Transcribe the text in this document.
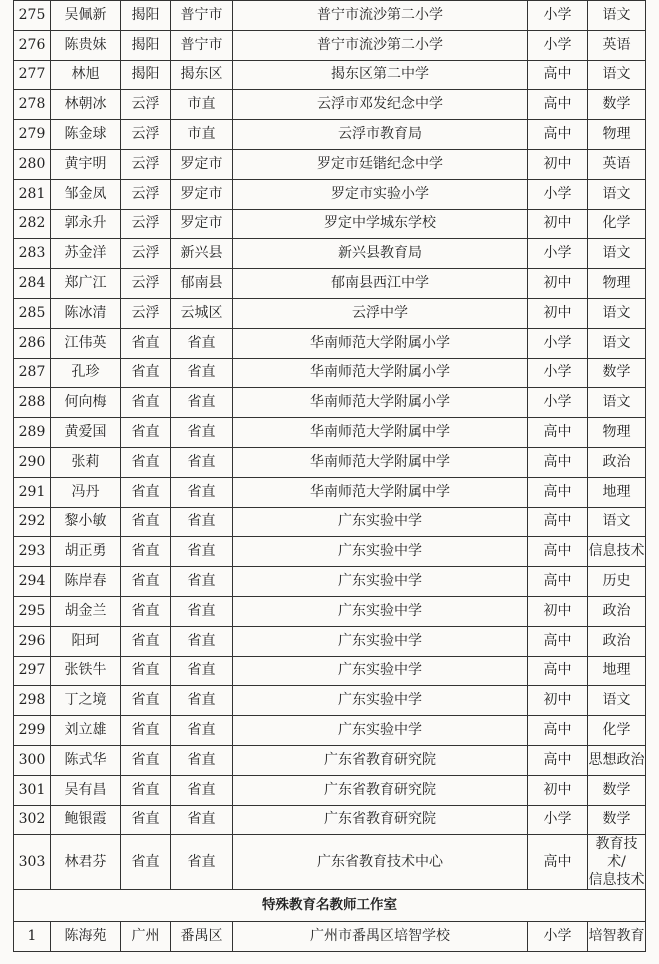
275	吴佩新	揭阳	普宁市	普宁市流沙第二小学	小学	语文
276	陈贵妹	揭阳	普宁市	普宁市流沙第二小学	小学	英语
277	林旭	揭阳	揭东区	揭东区第二中学	高中	语文
278	林朝冰	云浮	市直	云浮市邓发纪念中学	高中	数学
279	陈金球	云浮	市直	云浮市教育局	高中	物理
280	黄宇明	云浮	罗定市	罗定市廷锴纪念中学	初中	英语
281	邹金凤	云浮	罗定市	罗定市实验小学	小学	语文
282	郭永升	云浮	罗定市	罗定中学城东学校	初中	化学
283	苏金洋	云浮	新兴县	新兴县教育局	小学	语文
284	郑广江	云浮	郁南县	郁南县西江中学	初中	物理
285	陈冰清	云浮	云城区	云浮中学	初中	语文
286	江伟英	省直	省直	华南师范大学附属小学	小学	语文
287	孔珍	省直	省直	华南师范大学附属小学	小学	数学
288	何向梅	省直	省直	华南师范大学附属小学	小学	语文
289	黄爱国	省直	省直	华南师范大学附属中学	高中	物理
290	张莉	省直	省直	华南师范大学附属中学	高中	政治
291	冯丹	省直	省直	华南师范大学附属中学	高中	地理
292	黎小敏	省直	省直	广东实验中学	高中	语文
293	胡正勇	省直	省直	广东实验中学	高中	信息技术
294	陈岸春	省直	省直	广东实验中学	高中	历史
295	胡金兰	省直	省直	广东实验中学	初中	政治
296	阳珂	省直	省直	广东实验中学	高中	政治
297	张铁牛	省直	省直	广东实验中学	高中	地理
298	丁之境	省直	省直	广东实验中学	初中	语文
299	刘立雄	省直	省直	广东实验中学	高中	化学
300	陈式华	省直	省直	广东省教育研究院	高中	思想政治
301	吴有昌	省直	省直	广东省教育研究院	初中	数学
302	鲍银霞	省直	省直	广东省教育研究院	小学	数学
303	林君芬	省直	省直	广东省教育技术中心	高中	教育技术/
信息技术

特殊教育名教师工作室						
1	陈海苑	广州	番禺区	广州市番禺区培智学校	小学	培智教育
